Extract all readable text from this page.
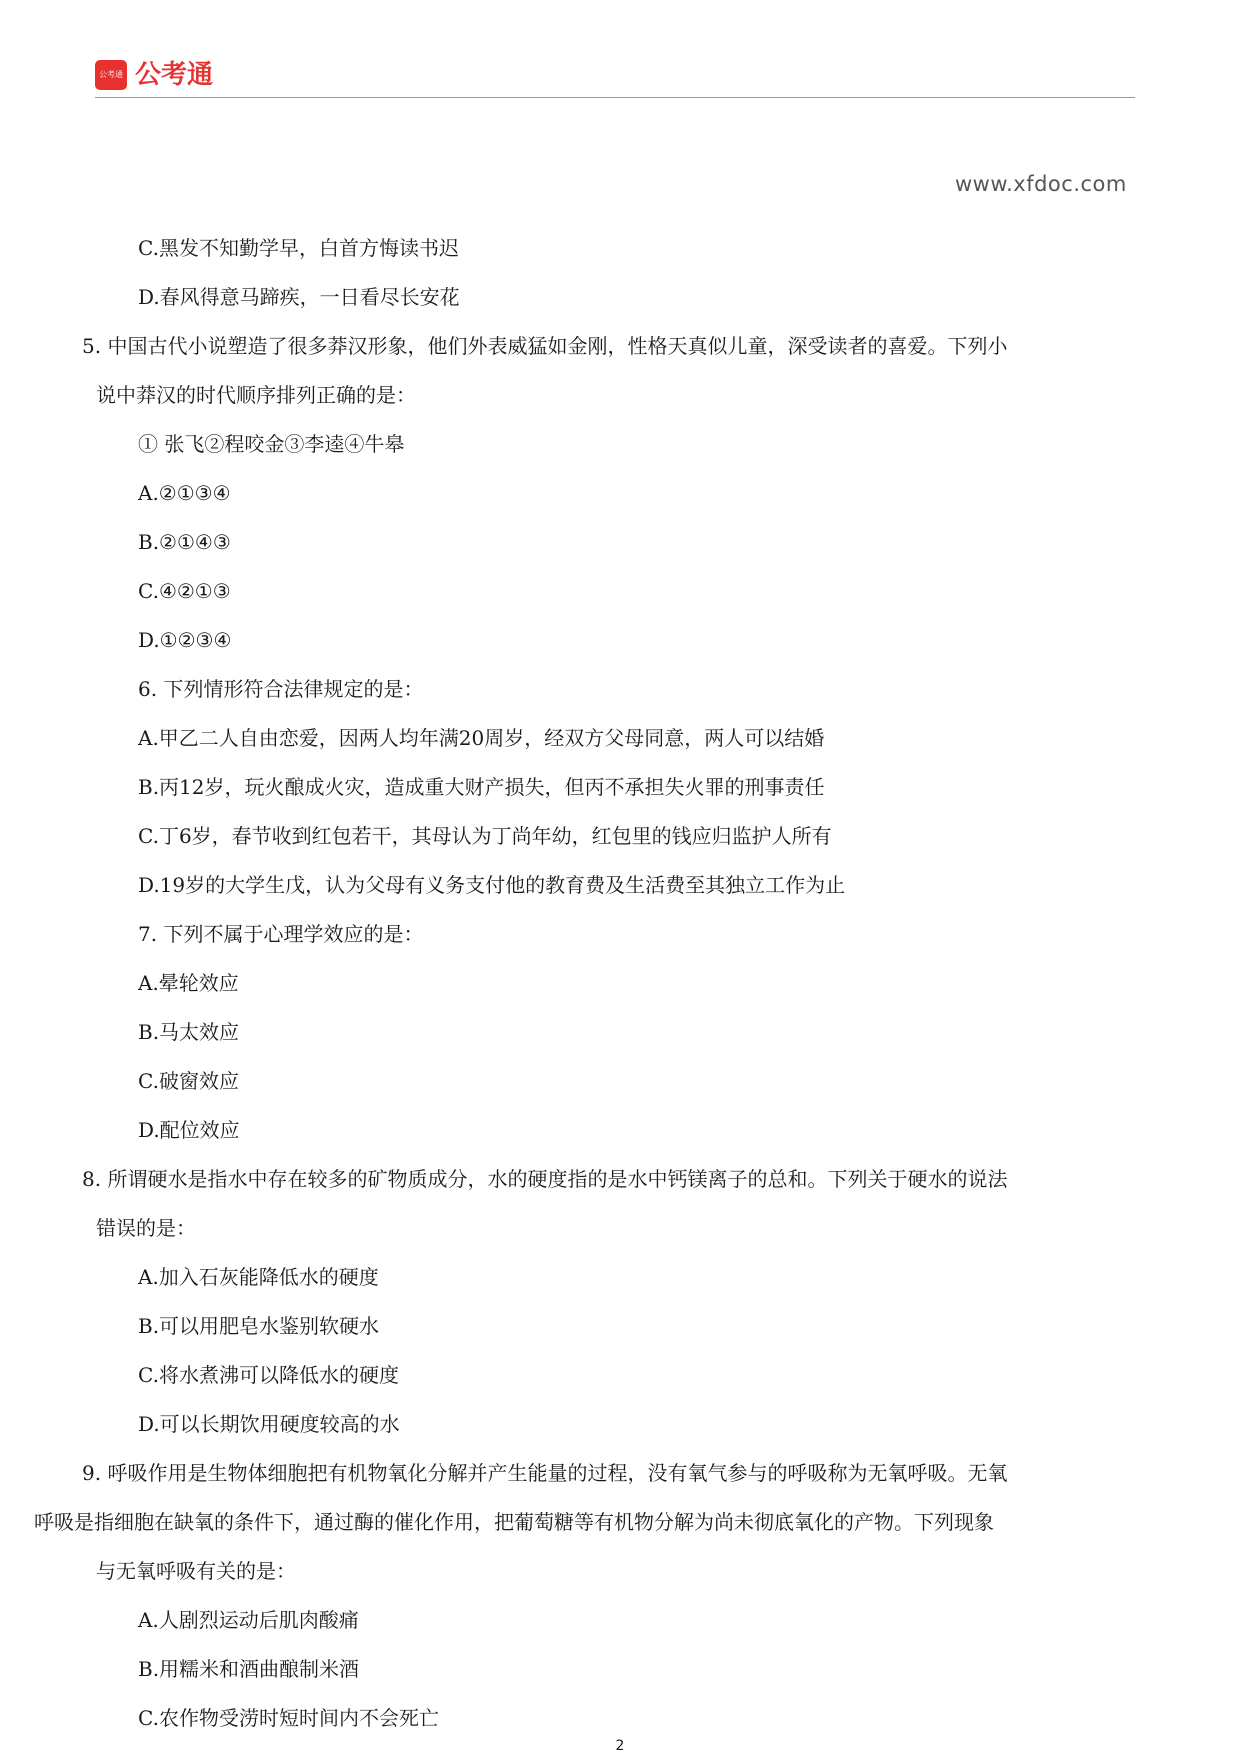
公考通 公考通
www.xfdoc.com
C.黑发不知勤学早，白首方悔读书迟
D.春风得意马蹄疾，一日看尽长安花
5. 中国古代小说塑造了很多莽汉形象，他们外表威猛如金刚，性格天真似儿童，深受读者的喜爱。下列小
说中莽汉的时代顺序排列正确的是：
① 张飞②程咬金③李逵④牛皋
A.②①③④
B.②①④③
C.④②①③
D.①②③④
6. 下列情形符合法律规定的是：
A.甲乙二人自由恋爱，因两人均年满20周岁，经双方父母同意，两人可以结婚
B.丙12岁，玩火酿成火灾，造成重大财产损失，但丙不承担失火罪的刑事责任
C.丁6岁，春节收到红包若干，其母认为丁尚年幼，红包里的钱应归监护人所有
D.19岁的大学生戊，认为父母有义务支付他的教育费及生活费至其独立工作为止
7. 下列不属于心理学效应的是：
A.晕轮效应
B.马太效应
C.破窗效应
D.配位效应
8. 所谓硬水是指水中存在较多的矿物质成分，水的硬度指的是水中钙镁离子的总和。下列关于硬水的说法
错误的是：
A.加入石灰能降低水的硬度
B.可以用肥皂水鉴别软硬水
C.将水煮沸可以降低水的硬度
D.可以长期饮用硬度较高的水
9. 呼吸作用是生物体细胞把有机物氧化分解并产生能量的过程，没有氧气参与的呼吸称为无氧呼吸。无氧
呼吸是指细胞在缺氧的条件下，通过酶的催化作用，把葡萄糖等有机物分解为尚未彻底氧化的产物。下列现象
与无氧呼吸有关的是：
A.人剧烈运动后肌肉酸痛
B.用糯米和酒曲酿制米酒
C.农作物受涝时短时间内不会死亡
2
